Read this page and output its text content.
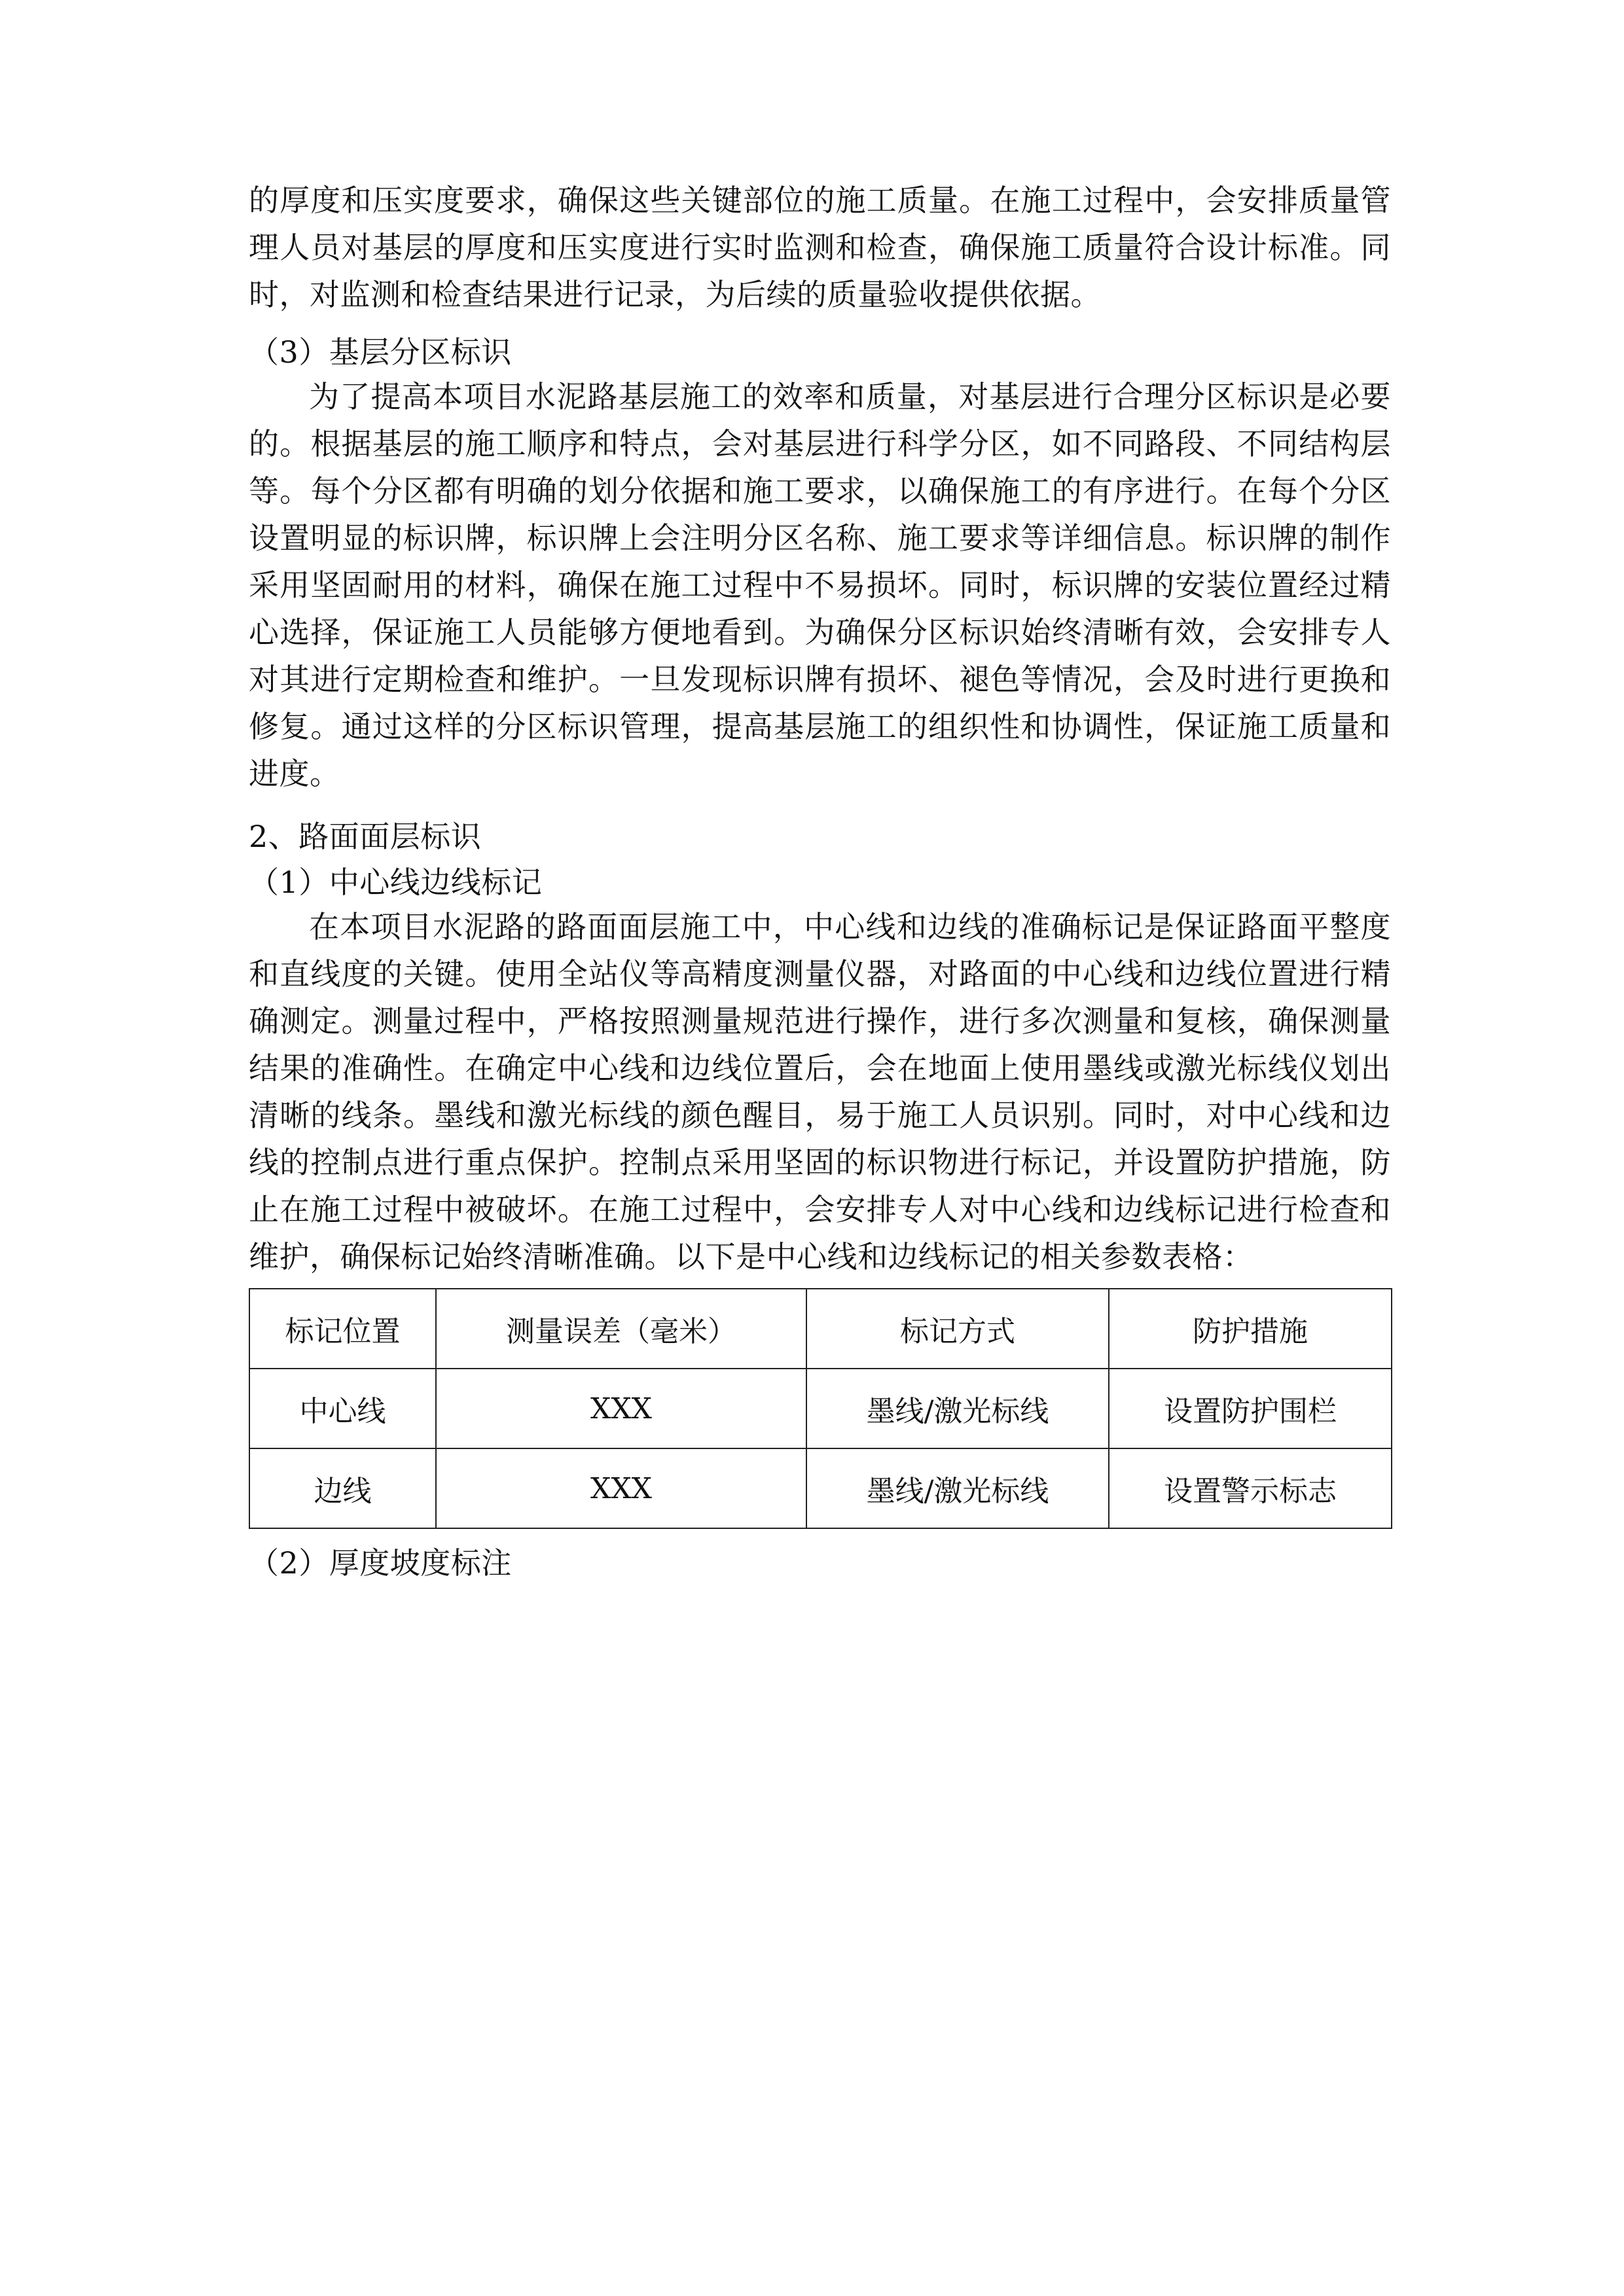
的厚度和压实度要求，确保这些关键部位的施工质量。在施工过程中，会安排质量管理人员对基层的厚度和压实度进行实时监测和检查，确保施工质量符合设计标准。同时，对监测和检查结果进行记录，为后续的质量验收提供依据。

（3）基层分区标识

为了提高本项目水泥路基层施工的效率和质量，对基层进行合理分区标识是必要的。根据基层的施工顺序和特点，会对基层进行科学分区，如不同路段、不同结构层等。每个分区都有明确的划分依据和施工要求，以确保施工的有序进行。在每个分区设置明显的标识牌，标识牌上会注明分区名称、施工要求等详细信息。标识牌的制作采用坚固耐用的材料，确保在施工过程中不易损坏。同时，标识牌的安装位置经过精心选择，保证施工人员能够方便地看到。为确保分区标识始终清晰有效，会安排专人对其进行定期检查和维护。一旦发现标识牌有损坏、褪色等情况，会及时进行更换和修复。通过这样的分区标识管理，提高基层施工的组织性和协调性，保证施工质量和进度。

2、路面面层标识

（1）中心线边线标记

在本项目水泥路的路面面层施工中，中心线和边线的准确标记是保证路面平整度和直线度的关键。使用全站仪等高精度测量仪器，对路面的中心线和边线位置进行精确测定。测量过程中，严格按照测量规范进行操作，进行多次测量和复核，确保测量结果的准确性。在确定中心线和边线位置后，会在地面上使用墨线或激光标线仪划出清晰的线条。墨线和激光标线的颜色醒目，易于施工人员识别。同时，对中心线和边线的控制点进行重点保护。控制点采用坚固的标识物进行标记，并设置防护措施，防止在施工过程中被破坏。在施工过程中，会安排专人对中心线和边线标记进行检查和维护，确保标记始终清晰准确。以下是中心线和边线标记的相关参数表格：

标记位置	测量误差（毫米）	标记方式	防护措施
中心线	XXX	墨线/激光标线	设置防护围栏
边线	XXX	墨线/激光标线	设置警示标志

（2）厚度坡度标注
